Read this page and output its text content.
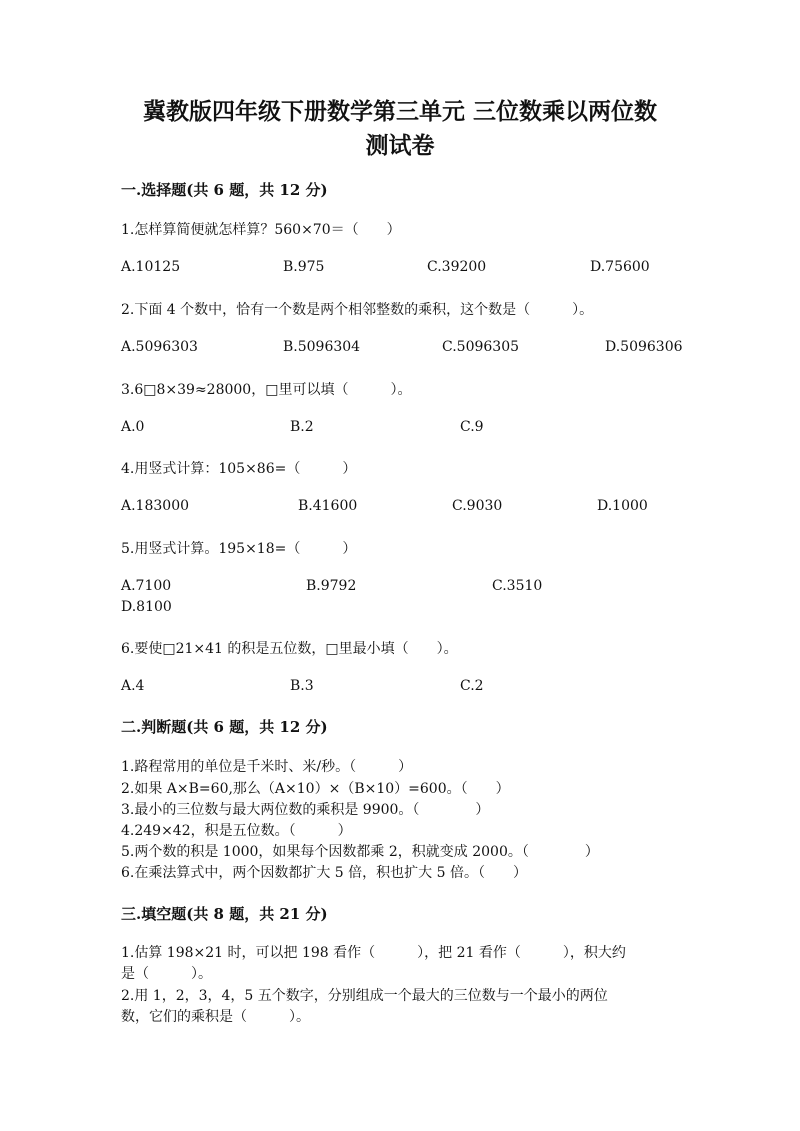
冀教版四年级下册数学第三单元 三位数乘以两位数
测试卷
一.选择题(共 6 题，共 12 分)
1.怎样算简便就怎样算？560×70＝（　　）
A.10125	B.975	C.39200	D.75600
2.下面 4 个数中，恰有一个数是两个相邻整数的乘积，这个数是（　　　）。
A.5096303	B.5096304	C.5096305	D.5096306
3.6□8×39≈28000，□里可以填（　　　）。
A.0	B.2	C.9
4.用竖式计算：105×86=（　　　）
A.183000	B.41600	C.9030	D.1000
5.用竖式计算。195×18=（　　　）
A.7100	B.9792	C.3510
D.8100
6.要使□21×41 的积是五位数，□里最小填（　　）。
A.4	B.3	C.2
二.判断题(共 6 题，共 12 分)
1.路程常用的单位是千米时、米/秒。（　　　）
2.如果 A×B=60,那么（A×10）×（B×10）=600。（　　）
3.最小的三位数与最大两位数的乘积是 9900。（　　　　）
4.249×42，积是五位数。（　　　）
5.两个数的积是 1000，如果每个因数都乘 2，积就变成 2000。（　　　　）
6.在乘法算式中，两个因数都扩大 5 倍，积也扩大 5 倍。（　　）
三.填空题(共 8 题，共 21 分)
1.估算 198×21 时，可以把 198 看作（　　　），把 21 看作（　　　），积大约
是（　　　）。
2.用 1，2，3，4，5 五个数字，分别组成一个最大的三位数与一个最小的两位
数，它们的乘积是（　　　）。
